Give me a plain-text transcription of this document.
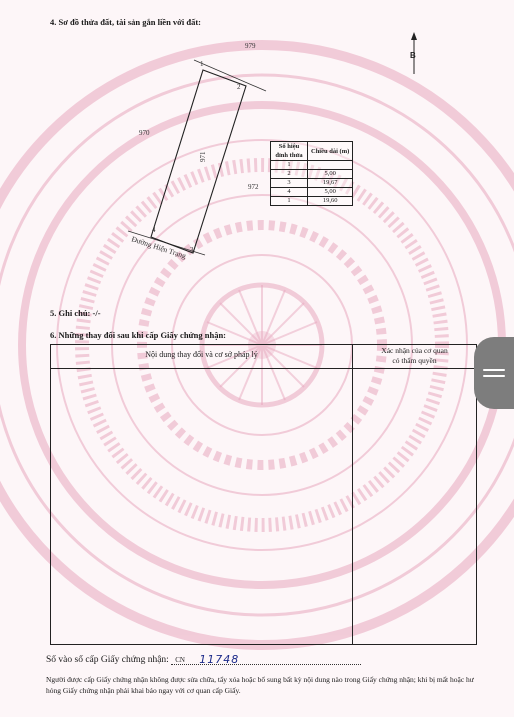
4. Sơ đồ thửa đất, tài sản gắn liền với đất:
B
979
970
972
971
1
2
3
4
Đường Hiện Trạng
Số hiệu đỉnh thửa	Chiều dài (m)
1	
2	5,00
3	19,67
4	5,00
1	19,60
5. Ghi chú: -/-
6. Những thay đổi sau khi cấp Giấy chứng nhận:
Nội dung thay đổi và cơ sở pháp lý	Xác nhận của cơ quan
có thẩm quyền
Số vào sổ cấp Giấy chứng nhận: CN 11748
Người được cấp Giấy chứng nhận không được sửa chữa, tẩy xóa hoặc bổ sung bất kỳ nội dung nào trong Giấy chứng nhận; khi bị mất hoặc hư hỏng Giấy chứng nhận phải khai báo ngay với cơ quan cấp Giấy.
